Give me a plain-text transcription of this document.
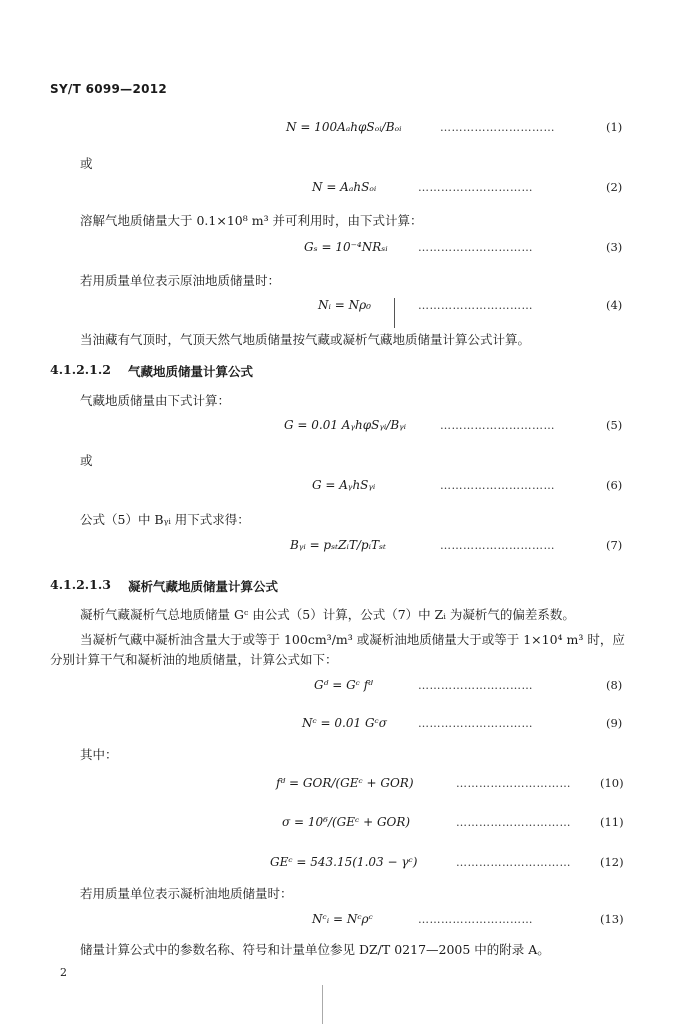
SY/T 6099—2012
N = 100AₐhφSₒᵢ/Bₒᵢ	…………………………	(1)
或
N = AₐhSₒᵢ	…………………………	(2)
溶解气地质储量大于 0.1×10⁸ m³ 并可利用时，由下式计算：
Gₛ = 10⁻⁴NRₛᵢ	…………………………	(3)
若用质量单位表示原油地质储量时：
Nᵢ = Nρ₀	…………………………	(4)
当油藏有气顶时，气顶天然气地质储量按气藏或凝析气藏地质储量计算公式计算。
4.1.2.1.2 气藏地质储量计算公式
气藏地质储量由下式计算：
G = 0.01 AᵧhφSᵧᵢ/Bᵧᵢ	…………………………	(5)
或
G = AᵧhSᵧᵢ	…………………………	(6)
公式（5）中 Bᵧᵢ 用下式求得：
Bᵧᵢ = pₛₜZᵢT/pᵢTₛₜ	…………………………	(7)
4.1.2.1.3 凝析气藏地质储量计算公式
凝析气藏凝析气总地质储量 Gᶜ 由公式（5）计算，公式（7）中 Zᵢ 为凝析气的偏差系数。
当凝析气藏中凝析油含量大于或等于 100cm³/m³ 或凝析油地质储量大于或等于 1×10⁴ m³ 时，应
分别计算干气和凝析油的地质储量，计算公式如下：
Gᵈ = Gᶜ fᵈ	…………………………	(8)
Nᶜ = 0.01 Gᶜσ	…………………………	(9)
其中：
fᵈ = GOR/(GEᶜ + GOR)	…………………………	(10)
σ = 10⁶/(GEᶜ + GOR)	…………………………	(11)
GEᶜ = 543.15(1.03 − γᶜ)	…………………………	(12)
若用质量单位表示凝析油地质储量时：
Nᶜᵢ = Nᶜρᶜ	…………………………	(13)
储量计算公式中的参数名称、符号和计量单位参见 DZ/T 0217—2005 中的附录 A。
2
